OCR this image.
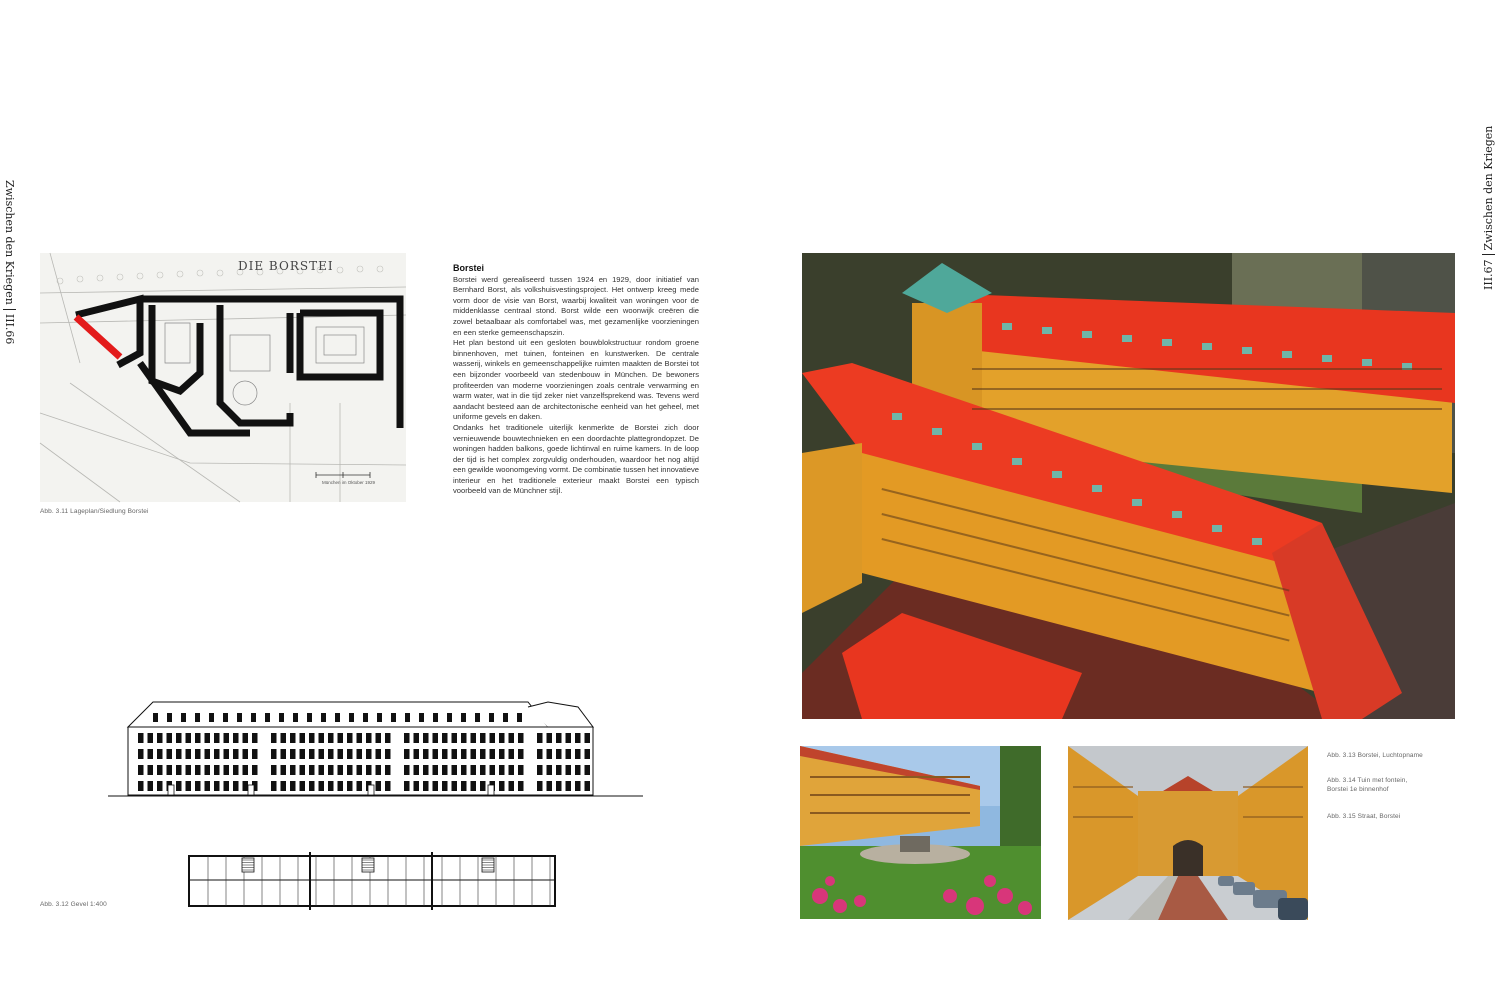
Zwischen den Kriegen
III.66
DIE BORSTEI
München im Oktober 1929
Abb. 3.11 Lageplan/Siedlung Borstei
Borstei

Borstei werd gerealiseerd tussen 1924 en 1929, door initiatief van Bernhard Borst, als volkshuisvestingsproject. Het ontwerp kreeg mede vorm door de visie van Borst, waarbij kwaliteit van woningen voor de middenklasse centraal stond. Borst wilde een woonwijk creëren die zowel betaalbaar als comfortabel was, met gezamenlijke voorzieningen en een sterke gemeenschapszin.

Het plan bestond uit een gesloten bouwblokstructuur rondom groene binnenhoven, met tuinen, fonteinen en kunstwerken. De centrale wasserij, winkels en gemeenschappelijke ruimten maakten de Borstei tot een bijzonder voorbeeld van stedenbouw in München. De bewoners profiteerden van moderne voorzieningen zoals centrale verwarming en warm water, wat in die tijd zeker niet vanzelfsprekend was. Tevens werd aandacht besteed aan de architectonische eenheid van het geheel, met uniforme gevels en daken.

Ondanks het traditionele uiterlijk kenmerkte de Borstei zich door vernieuwende bouwtechnieken en een doordachte plattegrondopzet. De woningen hadden balkons, goede lichtinval en ruime kamers. In de loop der tijd is het complex zorgvuldig onderhouden, waardoor het nog altijd een gewilde woonomgeving vormt. De combinatie tussen het innovatieve interieur en het traditionele exterieur maakt Borstei een typisch voorbeeld van de Münchner stijl.

Abb. 3.12 Gevel 1:400
III.67
Zwischen den Kriegen
Abb. 3.13 Borstei, Luchtopname
Abb. 3.14 Tuin met fontein, Borstei 1e binnenhof
Abb. 3.15 Straat, Borstei
